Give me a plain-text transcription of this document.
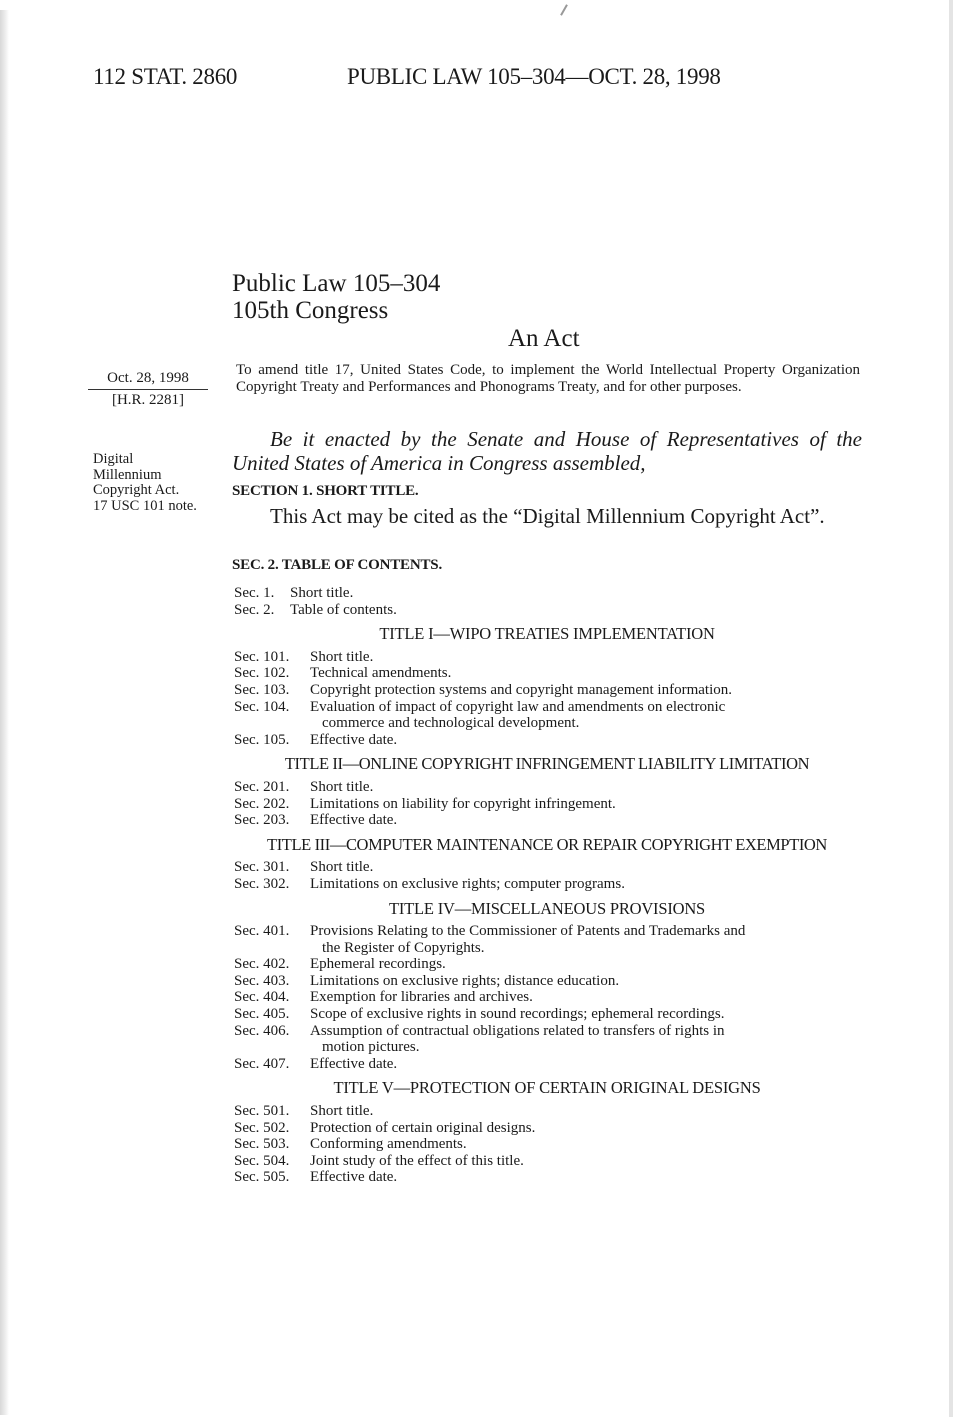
112 STAT. 2860	PUBLIC LAW 105–304—OCT. 28, 1998
Public Law 105–304
105th Congress
An Act
Oct. 28, 1998
[H.R. 2281]
Digital
Millennium
Copyright Act.
17 USC 101 note.
To amend title 17, United States Code, to implement the World Intellectual Property Organization Copyright Treaty and Performances and Phonograms Treaty, and for other purposes.
Be it enacted by the Senate and House of Representatives of the United States of America in Congress assembled,
SECTION 1. SHORT TITLE.
This Act may be cited as the “Digital Millennium Copyright Act”.
SEC. 2. TABLE OF CONTENTS.
Sec. 1.	Short title.
Sec. 2.	Table of contents.
TITLE I—WIPO TREATIES IMPLEMENTATION
Sec. 101.	Short title.
Sec. 102.	Technical amendments.
Sec. 103.	Copyright protection systems and copyright management information.
Sec. 104.	Evaluation of impact of copyright law and amendments on electronic
commerce and technological development.
Sec. 105.	Effective date.
TITLE II—ONLINE COPYRIGHT INFRINGEMENT LIABILITY LIMITATION
Sec. 201.	Short title.
Sec. 202.	Limitations on liability for copyright infringement.
Sec. 203.	Effective date.
TITLE III—COMPUTER MAINTENANCE OR REPAIR COPYRIGHT EXEMPTION
Sec. 301.	Short title.
Sec. 302.	Limitations on exclusive rights; computer programs.
TITLE IV—MISCELLANEOUS PROVISIONS
Sec. 401.	Provisions Relating to the Commissioner of Patents and Trademarks and
the Register of Copyrights.
Sec. 402.	Ephemeral recordings.
Sec. 403.	Limitations on exclusive rights; distance education.
Sec. 404.	Exemption for libraries and archives.
Sec. 405.	Scope of exclusive rights in sound recordings; ephemeral recordings.
Sec. 406.	Assumption of contractual obligations related to transfers of rights in
motion pictures.
Sec. 407.	Effective date.
TITLE V—PROTECTION OF CERTAIN ORIGINAL DESIGNS
Sec. 501.	Short title.
Sec. 502.	Protection of certain original designs.
Sec. 503.	Conforming amendments.
Sec. 504.	Joint study of the effect of this title.
Sec. 505.	Effective date.
